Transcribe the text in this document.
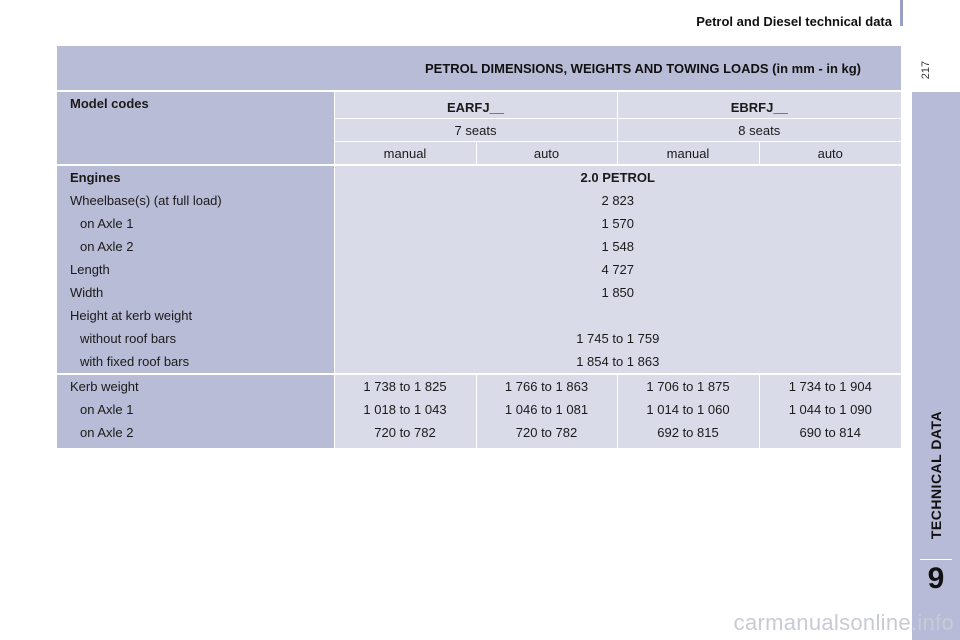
Petrol and Diesel technical data
217
TECHNICAL DATA
9
PETROL DIMENSIONS, WEIGHTS AND TOWING LOADS (in mm - in kg)				
Model codes	EARFJ__		EBRFJ__	
	7 seats		8 seats	
	manual	auto	manual	auto
Engines	2.0 PETROL			
Wheelbase(s) (at full load)	2 823			
on Axle 1	1 570			
on Axle 2	1 548			
Length	4 727			
Width	1 850			
Height at kerb weight				
without roof bars	1 745 to 1 759			
with fixed roof bars	1 854 to 1 863			
Kerb weight	1 738 to 1 825	1 766 to 1 863	1 706 to 1 875	1 734 to 1 904
on Axle 1	1 018 to 1 043	1 046 to 1 081	1 014 to 1 060	1 044 to 1 090
on Axle 2	720 to 782	720 to 782	692 to 815	690 to 814
carmanualsonline.info
